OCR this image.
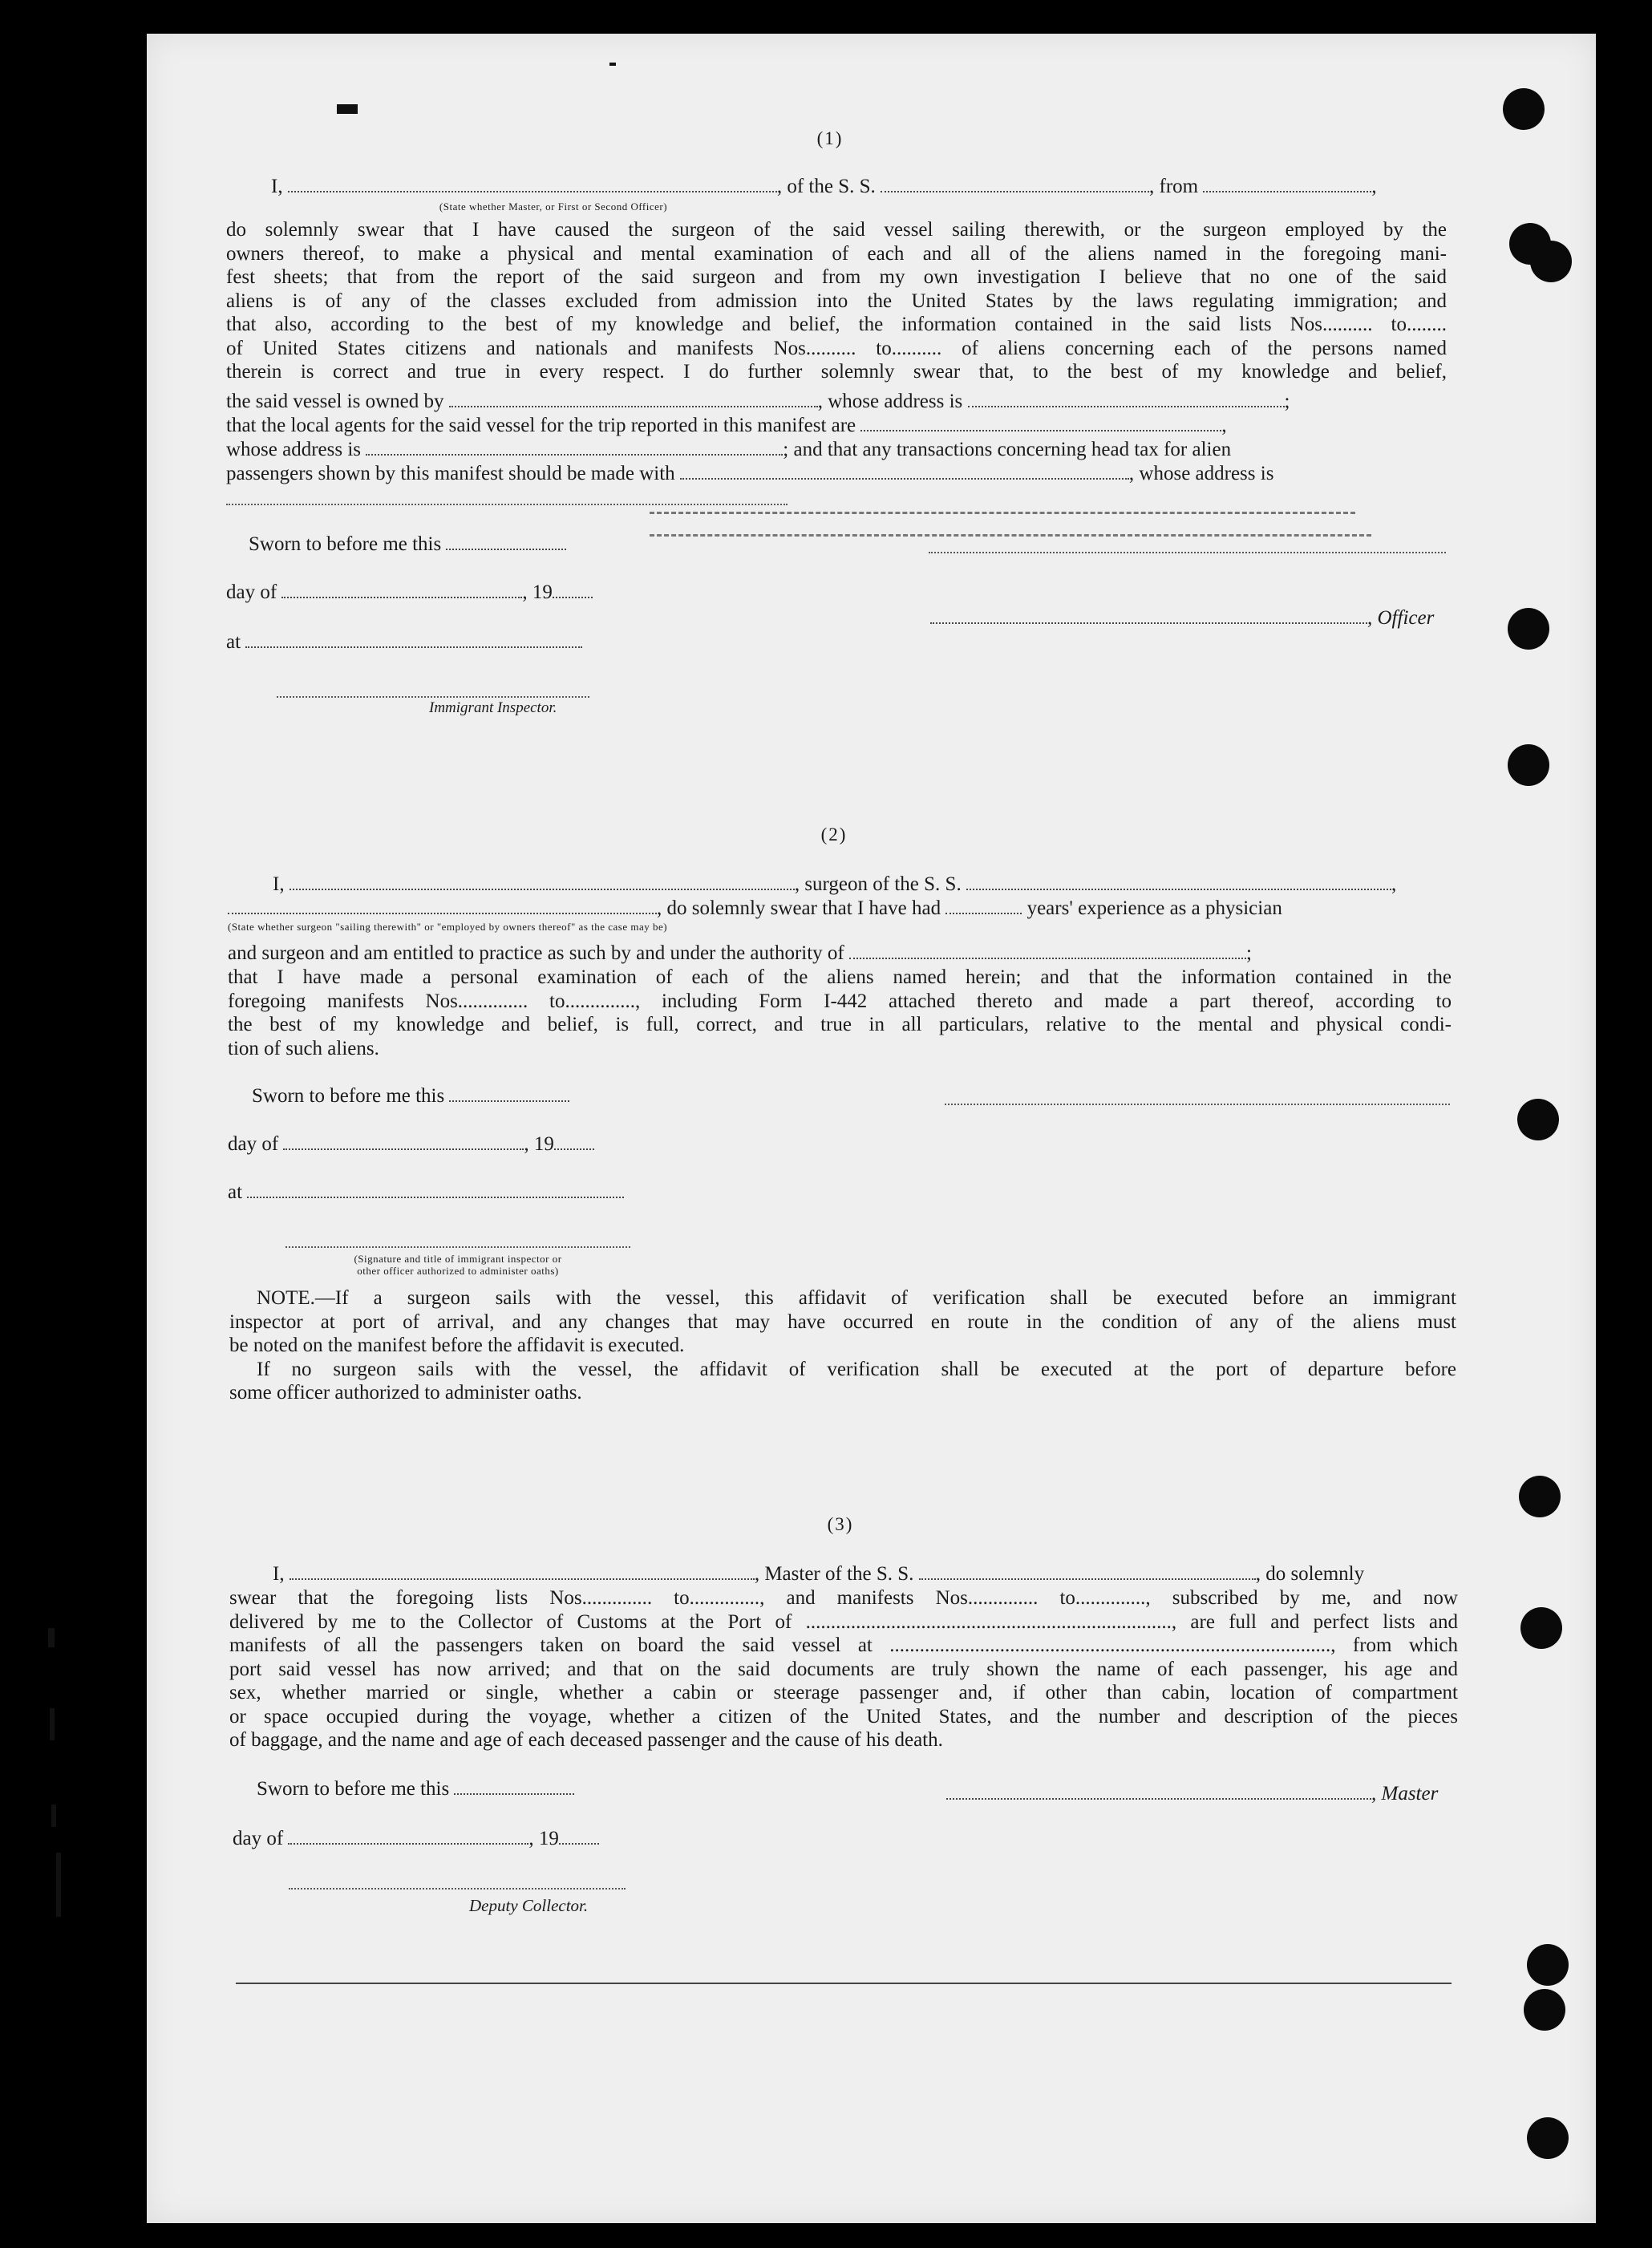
(1)
I,	, of the S. S.	, from	,
(State whether Master, or First or Second Officer)
do solemnly swear that I have caused the surgeon of the said vessel sailing therewith, or the surgeon employed by the
owners thereof, to make a physical and mental examination of each and all of the aliens named in the foregoing mani-
fest sheets; that from the report of the said surgeon and from my own investigation I believe that no one of the said
aliens is of any of the classes excluded from admission into the United States by the laws regulating immigration; and
that also, according to the best of my knowledge and belief, the information contained in the said lists Nos.......... to........
of United States citizens and nationals and manifests Nos.......... to.......... of aliens concerning each of the persons named
therein is correct and true in every respect. I do further solemnly swear that, to the best of my knowledge and belief,
the said vessel is owned by	, whose address is	;
that the local agents for the said vessel for the trip reported in this manifest are	,
whose address is	; and that any transactions concerning head tax for alien
passengers shown by this manifest should be made with	, whose address is
Sworn to before me this
day of	, 19
, Officer
at
Immigrant Inspector.
(2)
I,	, surgeon of the S. S.	,
, do solemnly swear that I have had	years' experience as a physician
(State whether surgeon "sailing therewith" or "employed by owners thereof" as the case may be)
and surgeon and am entitled to practice as such by and under the authority of	;
that I have made a personal examination of each of the aliens named herein; and that the information contained in the
foregoing manifests Nos.............. to.............., including Form I-442 attached thereto and made a part thereof, according to
the best of my knowledge and belief, is full, correct, and true in all particulars, relative to the mental and physical condi-
tion of such aliens.
Sworn to before me this
day of	, 19
at
(Signature and title of immigrant inspector or
other officer authorized to administer oaths)
NOTE.—If a surgeon sails with the vessel, this affidavit of verification shall be executed before an immigrant
inspector at port of arrival, and any changes that may have occurred en route in the condition of any of the aliens must
be noted on the manifest before the affidavit is executed.
If no surgeon sails with the vessel, the affidavit of verification shall be executed at the port of departure before
some officer authorized to administer oaths.
(3)
I,	, Master of the S. S.	, do solemnly
swear that the foregoing lists Nos.............. to.............., and manifests Nos.............. to.............., subscribed by me, and now
delivered by me to the Collector of Customs at the Port of ........................................................................., are full and perfect lists and
manifests of all the passengers taken on board the said vessel at ........................................................................................, from which
port said vessel has now arrived; and that on the said documents are truly shown the name of each passenger, his age and
sex, whether married or single, whether a cabin or steerage passenger and, if other than cabin, location of compartment
or space occupied during the voyage, whether a citizen of the United States, and the number and description of the pieces
of baggage, and the name and age of each deceased passenger and the cause of his death.
Sworn to before me this	, Master
day of	, 19
Deputy Collector.
